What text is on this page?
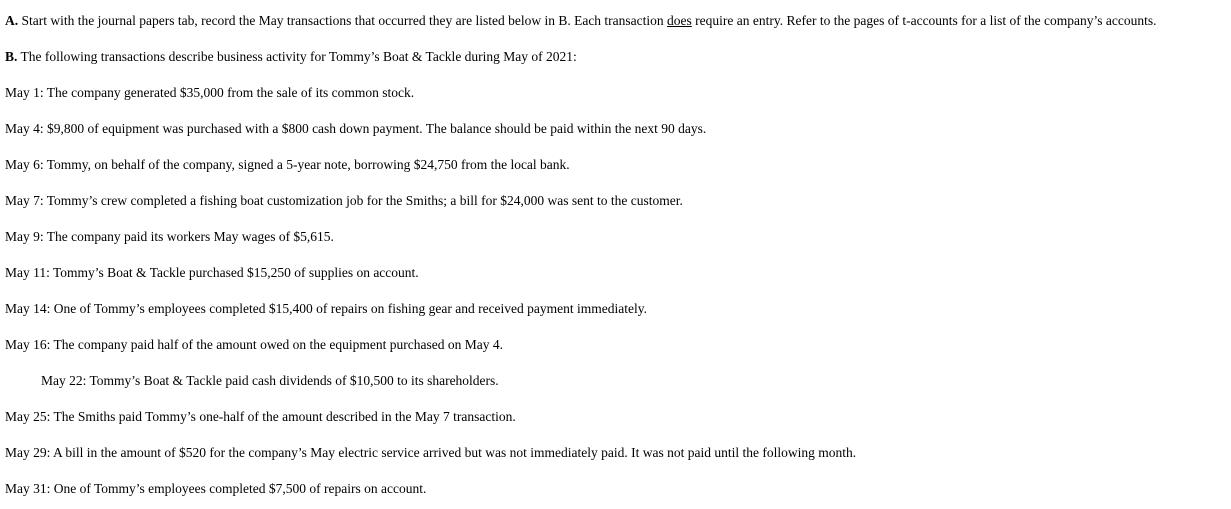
A. Start with the journal papers tab, record the May transactions that occurred they are listed below in B. Each transaction does require an entry. Refer to the pages of t-accounts for a list of the company’s accounts.
B. The following transactions describe business activity for Tommy’s Boat & Tackle during May of 2021:
May 1: The company generated $35,000 from the sale of its common stock.
May 4: $9,800 of equipment was purchased with a $800 cash down payment. The balance should be paid within the next 90 days.
May 6: Tommy, on behalf of the company, signed a 5-year note, borrowing $24,750 from the local bank.
May 7: Tommy’s crew completed a fishing boat customization job for the Smiths; a bill for $24,000 was sent to the customer.
May 9: The company paid its workers May wages of $5,615.
May 11: Tommy’s Boat & Tackle purchased $15,250 of supplies on account.
May 14: One of Tommy’s employees completed $15,400 of repairs on fishing gear and received payment immediately.
May 16: The company paid half of the amount owed on the equipment purchased on May 4.
May 22: Tommy’s Boat & Tackle paid cash dividends of $10,500 to its shareholders.
May 25: The Smiths paid Tommy’s one-half of the amount described in the May 7 transaction.
May 29: A bill in the amount of $520 for the company’s May electric service arrived but was not immediately paid. It was not paid until the following month.
May 31: One of Tommy’s employees completed $7,500 of repairs on account.
